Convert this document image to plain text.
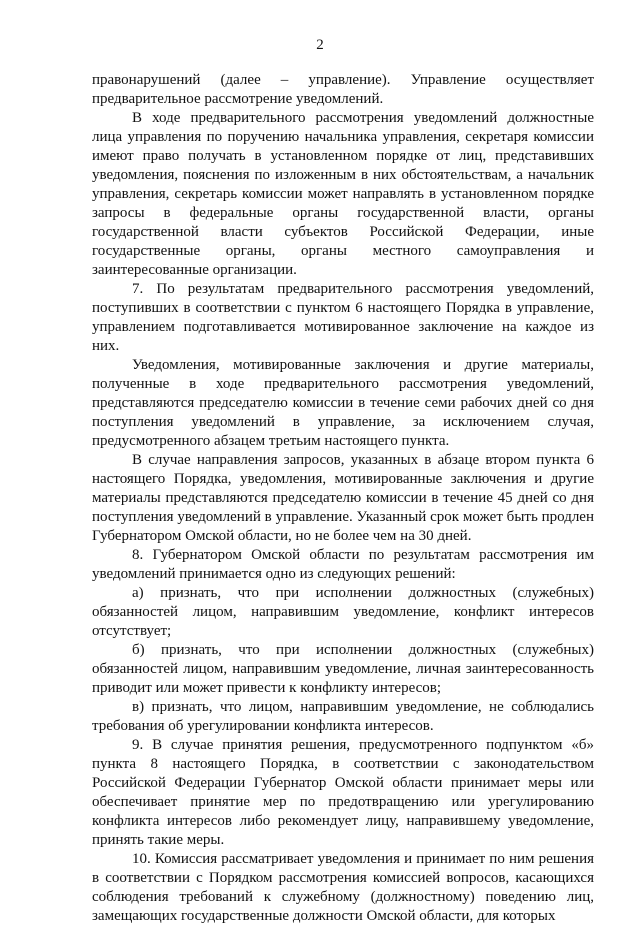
2

правонарушений (далее – управление). Управление осуществляет предварительное рассмотрение уведомлений.

В ходе предварительного рассмотрения уведомлений должностные лица управления по поручению начальника управления, секретаря комиссии имеют право получать в установленном порядке от лиц, представивших уведомления, пояснения по изложенным в них обстоятельствам, а начальник управления, секретарь комиссии может направлять в установленном порядке запросы в федеральные органы государственной власти, органы государственной власти субъектов Российской Федерации, иные государственные органы, органы местного самоуправления и заинтересованные организации.

7. По результатам предварительного рассмотрения уведомлений, поступивших в соответствии с пунктом 6 настоящего Порядка в управление, управлением подготавливается мотивированное заключение на каждое из них.

Уведомления, мотивированные заключения и другие материалы, полученные в ходе предварительного рассмотрения уведомлений, представляются председателю комиссии в течение семи рабочих дней со дня поступления уведомлений в управление, за исключением случая, предусмотренного абзацем третьим настоящего пункта.

В случае направления запросов, указанных в абзаце втором пункта 6 настоящего Порядка, уведомления, мотивированные заключения и другие материалы представляются председателю комиссии в течение 45 дней со дня поступления уведомлений в управление. Указанный срок может быть продлен Губернатором Омской области, но не более чем на 30 дней.

8. Губернатором Омской области по результатам рассмотрения им уведомлений принимается одно из следующих решений:

а) признать, что при исполнении должностных (служебных) обязанностей лицом, направившим уведомление, конфликт интересов отсутствует;

б) признать, что при исполнении должностных (служебных) обязанностей лицом, направившим уведомление, личная заинтересованность приводит или может привести к конфликту интересов;

в) признать, что лицом, направившим уведомление, не соблюдались требования об урегулировании конфликта интересов.

9. В случае принятия решения, предусмотренного подпунктом «б» пункта 8 настоящего Порядка, в соответствии с законодательством Российской Федерации Губернатор Омской области принимает меры или обеспечивает принятие мер по предотвращению или урегулированию конфликта интересов либо рекомендует лицу, направившему уведомление, принять такие меры.

10. Комиссия рассматривает уведомления и принимает по ним решения в соответствии с Порядком рассмотрения комиссией вопросов, касающихся соблюдения требований к служебному (должностному) поведению лиц, замещающих государственные должности Омской области, для которых
